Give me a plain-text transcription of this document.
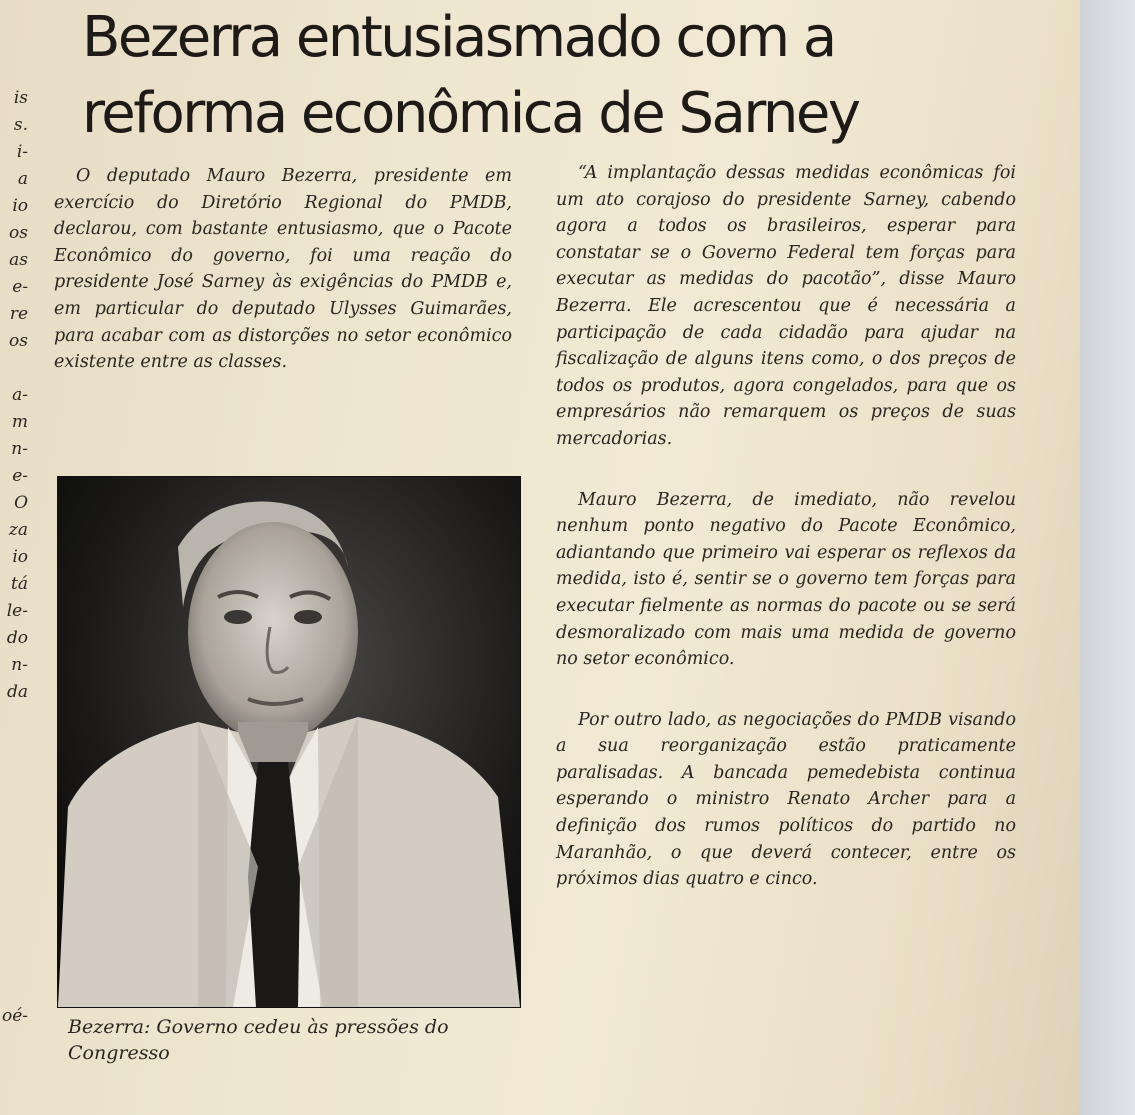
is
s.
i-
a
io
os
as
e-
re
os
a-
m
n-
e-
O
za
io
tá
le-
do
n-
da
oé-
Bezerra entusiasmado com a
reforma econômica de Sarney

O deputado Mauro Bezerra, presidente em exercício do Diretório Regional do PMDB, declarou, com bastante entusiasmo, que o Pacote Econômico do governo, foi uma reação do presidente José Sarney às exigências do PMDB e, em particular do deputado Ulysses Guimarães, para acabar com as distorções no setor econômico existente entre as classes.

Bezerra: Governo cedeu às pressões do Congresso

“A implantação dessas medidas econômicas foi um ato corajoso do presidente Sarney, cabendo agora a todos os brasileiros, esperar para constatar se o Governo Federal tem forças para executar as medidas do pacotão”, disse Mauro Bezerra. Ele acrescentou que é necessária a participação de cada cidadão para ajudar na fiscalização de alguns itens como, o dos preços de todos os produtos, agora congelados, para que os empresários não remarquem os preços de suas mercadorias.

Mauro Bezerra, de imediato, não revelou nenhum ponto negativo do Pacote Econômico, adiantando que primeiro vai esperar os reflexos da medida, isto é, sentir se o governo tem forças para executar fielmente as normas do pacote ou se será desmoralizado com mais uma medida de governo no setor econômico.

Por outro lado, as negociações do PMDB visando a sua reorganização estão praticamente paralisadas. A bancada pemedebista continua esperando o ministro Renato Archer para a definição dos rumos políticos do partido no Maranhão, o que deverá contecer, entre os próximos dias quatro e cinco.
